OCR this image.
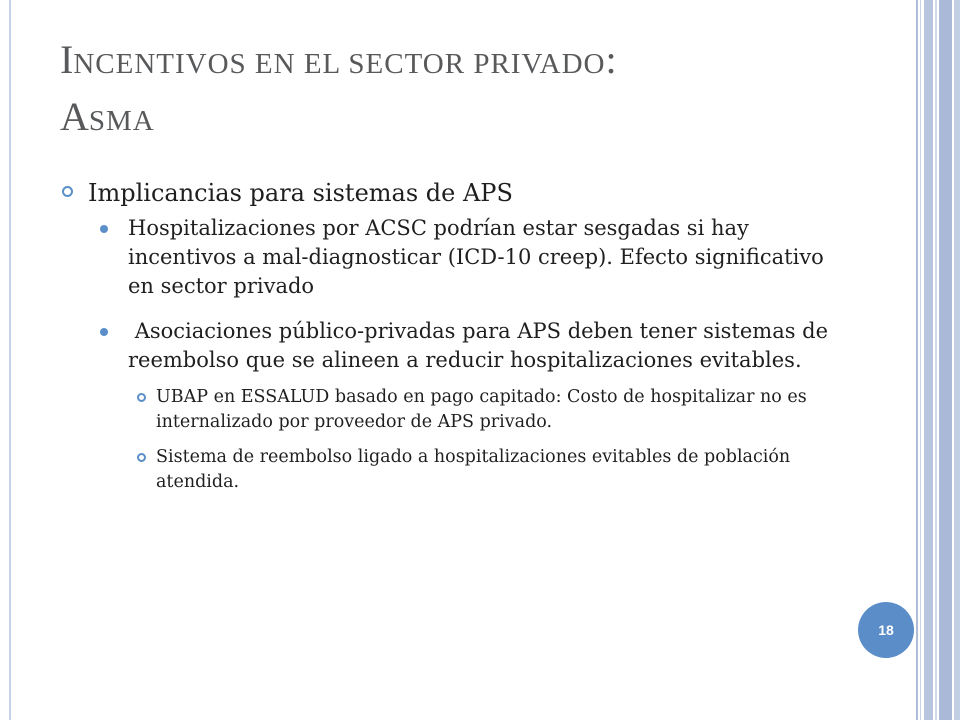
INCENTIVOS EN EL SECTOR PRIVADO:
ASMA
Implicancias para sistemas de APS
Hospitalizaciones por ACSC podrían estar sesgadas si hay incentivos a mal-diagnosticar (ICD-10 creep). Efecto significativo en sector privado
Asociaciones público-privadas para APS deben tener sistemas de reembolso que se alineen a reducir hospitalizaciones evitables.
UBAP en ESSALUD basado en pago capitado: Costo de hospitalizar no es internalizado por proveedor de APS privado.
Sistema de reembolso ligado a hospitalizaciones evitables de población atendida.
18
